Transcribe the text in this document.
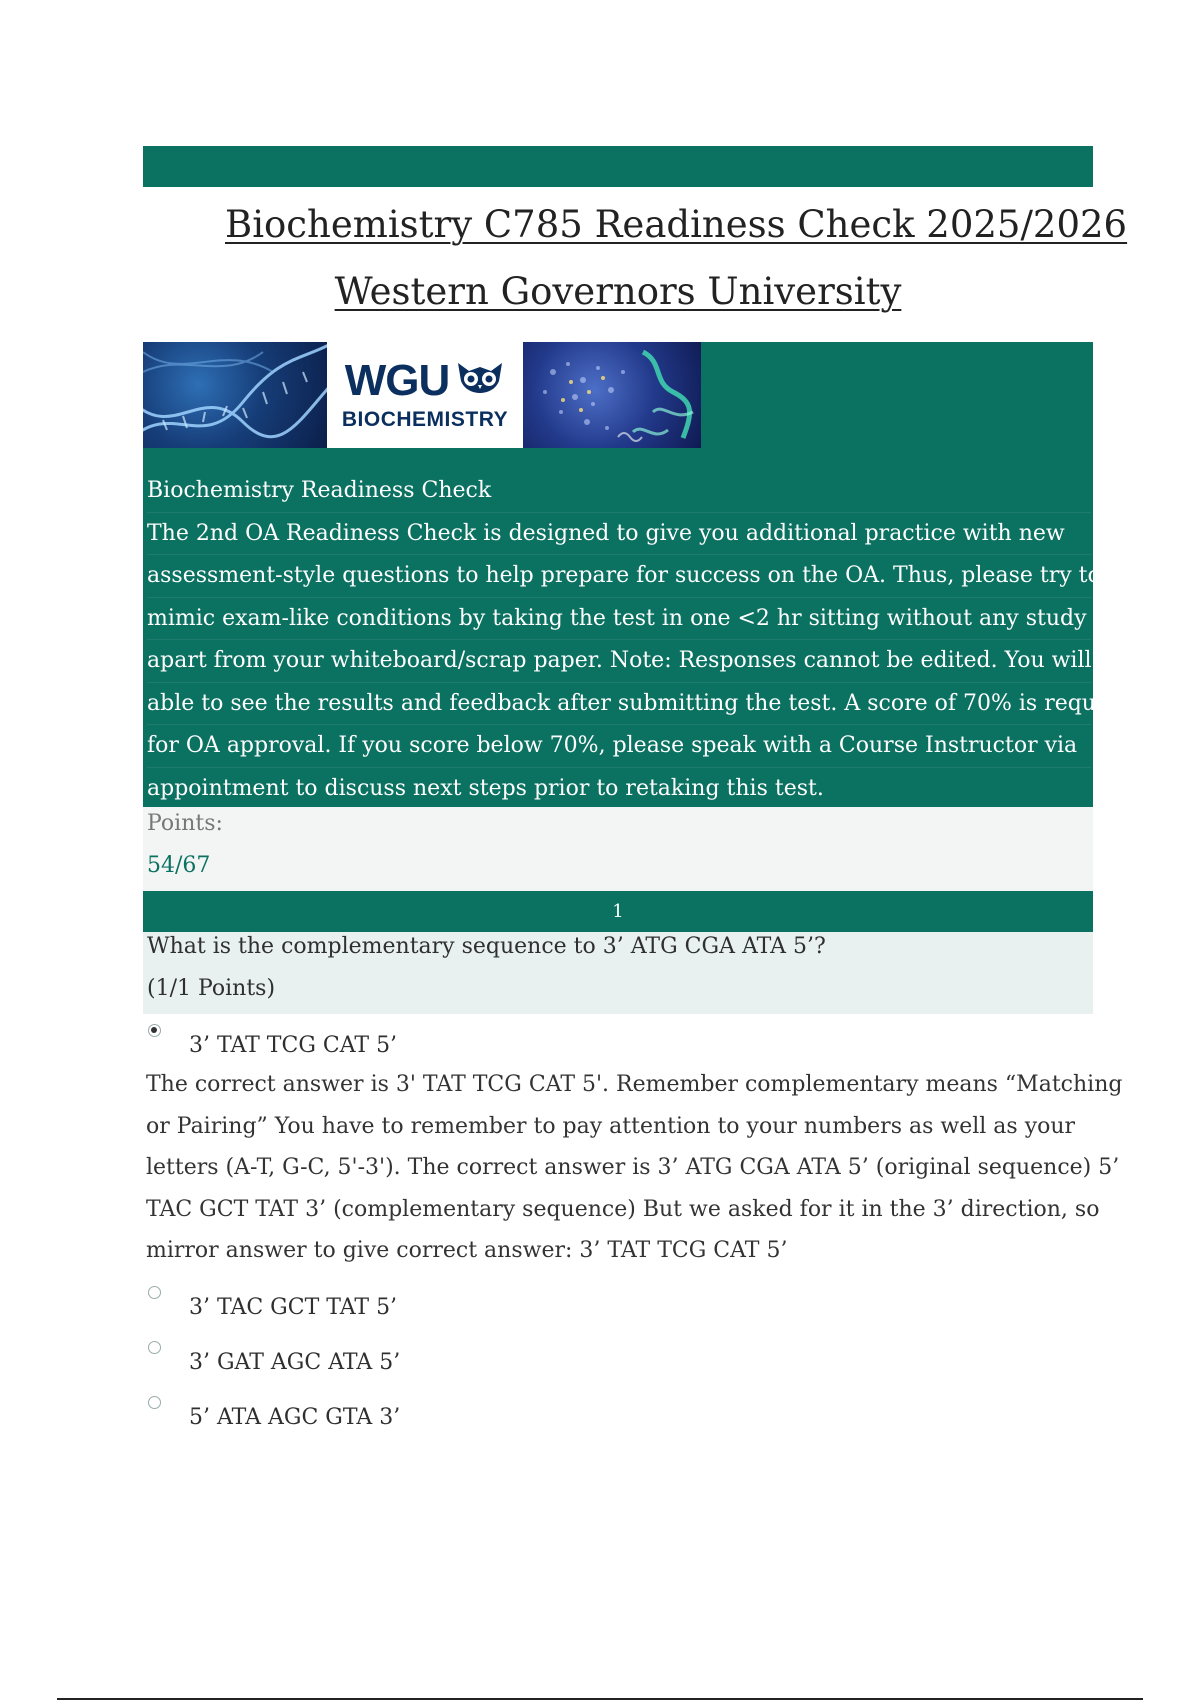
Biochemistry C785 Readiness Check 2025/2026
Western Governors University
WGU
BIOCHEMISTRY
Biochemistry Readiness Check
The 2nd OA Readiness Check is designed to give you additional practice with new
assessment-style questions to help prepare for success on the OA. Thus, please try to
mimic exam-like conditions by taking the test in one <2 hr sitting without any study aids
apart from your whiteboard/scrap paper. Note: Responses cannot be edited. You will be
able to see the results and feedback after submitting the test. A score of 70% is required
for OA approval. If you score below 70%, please speak with a Course Instructor via
appointment to discuss next steps prior to retaking this test.
Points:
54/67
1
What is the complementary sequence to 3’ ATG CGA ATA 5’?
(1/1 Points)
3’ TAT TCG CAT 5’
The correct answer is 3' TAT TCG CAT 5'. Remember complementary means “Matching
or Pairing” You have to remember to pay attention to your numbers as well as your
letters (A-T, G-C, 5'-3'). The correct answer is 3’ ATG CGA ATA 5’ (original sequence) 5’
TAC GCT TAT 3’ (complementary sequence) But we asked for it in the 3’ direction, so
mirror answer to give correct answer: 3’ TAT TCG CAT 5’
3’ TAC GCT TAT 5’
3’ GAT AGC ATA 5’
5’ ATA AGC GTA 3’
